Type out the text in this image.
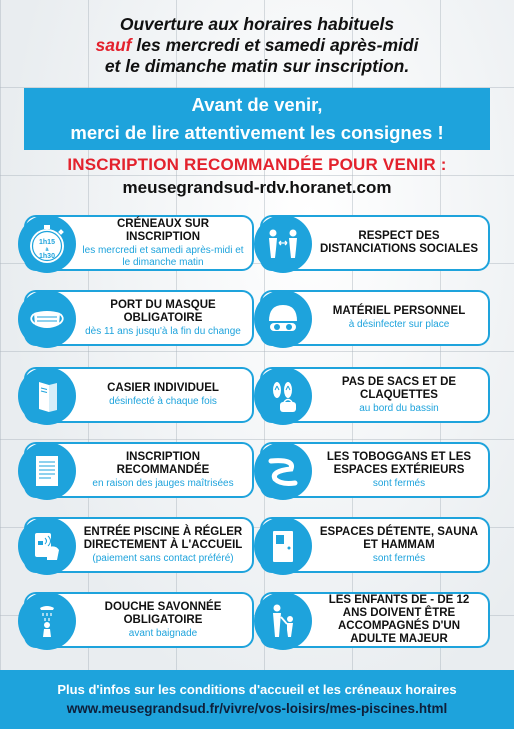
Ouverture aux horaires habituels
sauf les mercredi et samedi après-midi
et le dimanche matin sur inscription.
Avant de venir,
merci de lire attentivement les consignes !
INSCRIPTION RECOMMANDÉE POUR VENIR :
meusegrandsud-rdv.horanet.com
1h15
à
1h30
CRÉNEAUX SUR INSCRIPTION
les mercredi et samedi après-midi et le dimanche matin
PORT DU MASQUE OBLIGATOIRE
dès 11 ans jusqu'à la fin du change
CASIER INDIVIDUEL
désinfecté à chaque fois
INSCRIPTION RECOMMANDÉE
en raison des jauges maîtrisées
ENTRÉE PISCINE À RÉGLER DIRECTEMENT À L'ACCUEIL
(paiement sans contact préféré)
DOUCHE SAVONNÉE OBLIGATOIRE
avant baignade
RESPECT DES DISTANCIATIONS SOCIALES
MATÉRIEL PERSONNEL
à désinfecter sur place
PAS DE SACS ET DE CLAQUETTES
au bord du bassin
LES TOBOGGANS ET LES ESPACES EXTÉRIEURS
sont fermés
ESPACES DÉTENTE, SAUNA ET HAMMAM
sont fermés
LES ENFANTS DE - DE 12 ANS DOIVENT ÊTRE ACCOMPAGNÉS D'UN ADULTE MAJEUR
Plus d'infos sur les conditions d'accueil et les créneaux horaires
www.meusegrandsud.fr/vivre/vos-loisirs/mes-piscines.html
